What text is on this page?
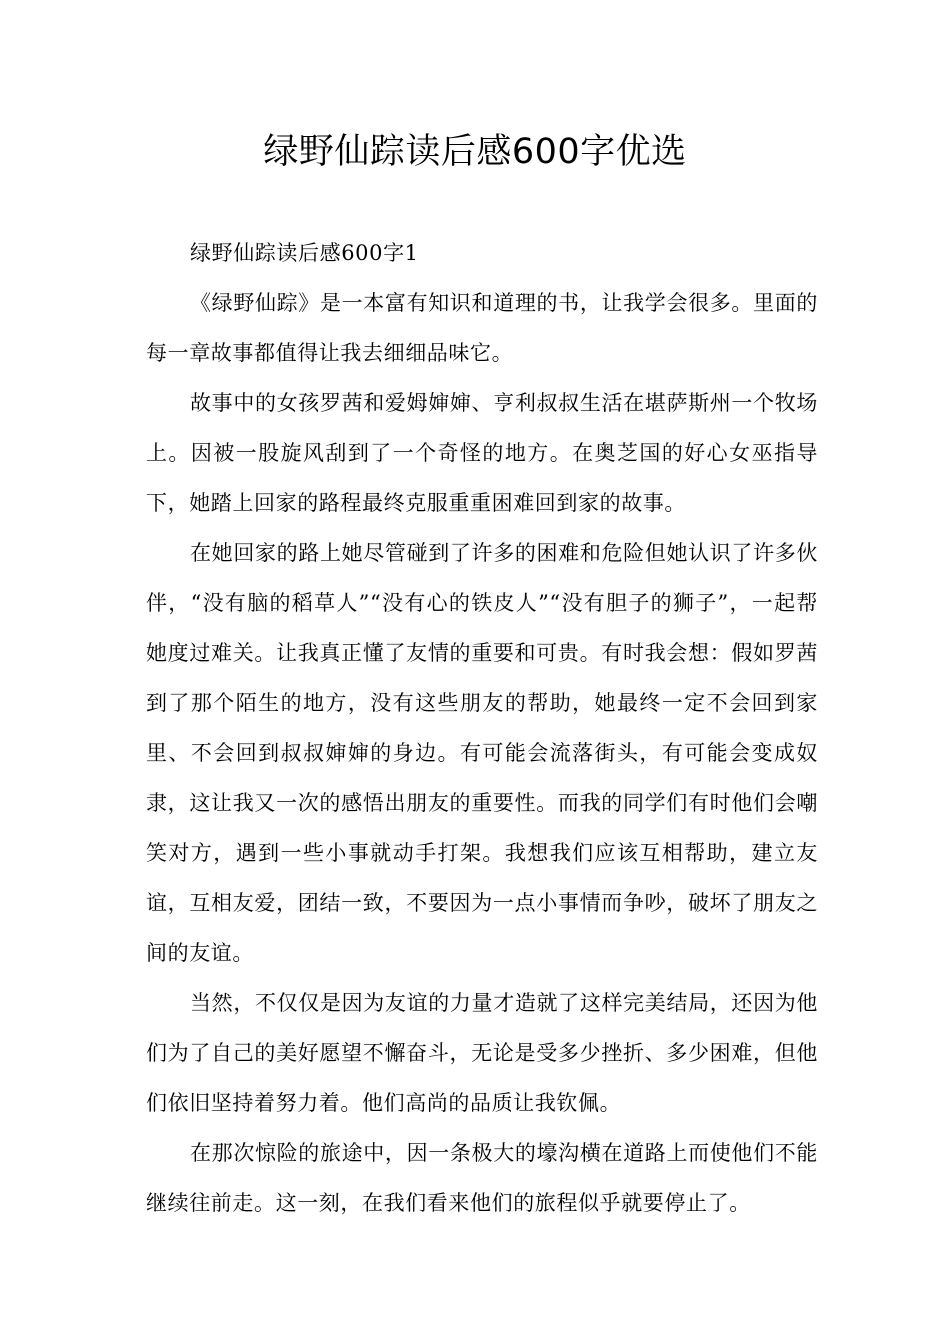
绿野仙踪读后感600字优选

绿野仙踪读后感600字1

《绿野仙踪》是一本富有知识和道理的书，让我学会很多。里面的每一章故事都值得让我去细细品味它。

故事中的女孩罗茜和爱姆婶婶、亨利叔叔生活在堪萨斯州一个牧场上。因被一股旋风刮到了一个奇怪的地方。在奥芝国的好心女巫指导下，她踏上回家的路程最终克服重重困难回到家的故事。

在她回家的路上她尽管碰到了许多的困难和危险但她认识了许多伙伴，“没有脑的稻草人”“没有心的铁皮人”“没有胆子的狮子”，一起帮她度过难关。让我真正懂了友情的重要和可贵。有时我会想：假如罗茜到了那个陌生的地方，没有这些朋友的帮助，她最终一定不会回到家里、不会回到叔叔婶婶的身边。有可能会流落街头，有可能会变成奴隶，这让我又一次的感悟出朋友的重要性。而我的同学们有时他们会嘲笑对方，遇到一些小事就动手打架。我想我们应该互相帮助，建立友谊，互相友爱，团结一致，不要因为一点小事情而争吵，破坏了朋友之间的友谊。

当然，不仅仅是因为友谊的力量才造就了这样完美结局，还因为他们为了自己的美好愿望不懈奋斗，无论是受多少挫折、多少困难，但他们依旧坚持着努力着。他们高尚的品质让我钦佩。

在那次惊险的旅途中，因一条极大的壕沟横在道路上而使他们不能继续往前走。这一刻，在我们看来他们的旅程似乎就要停止了。
